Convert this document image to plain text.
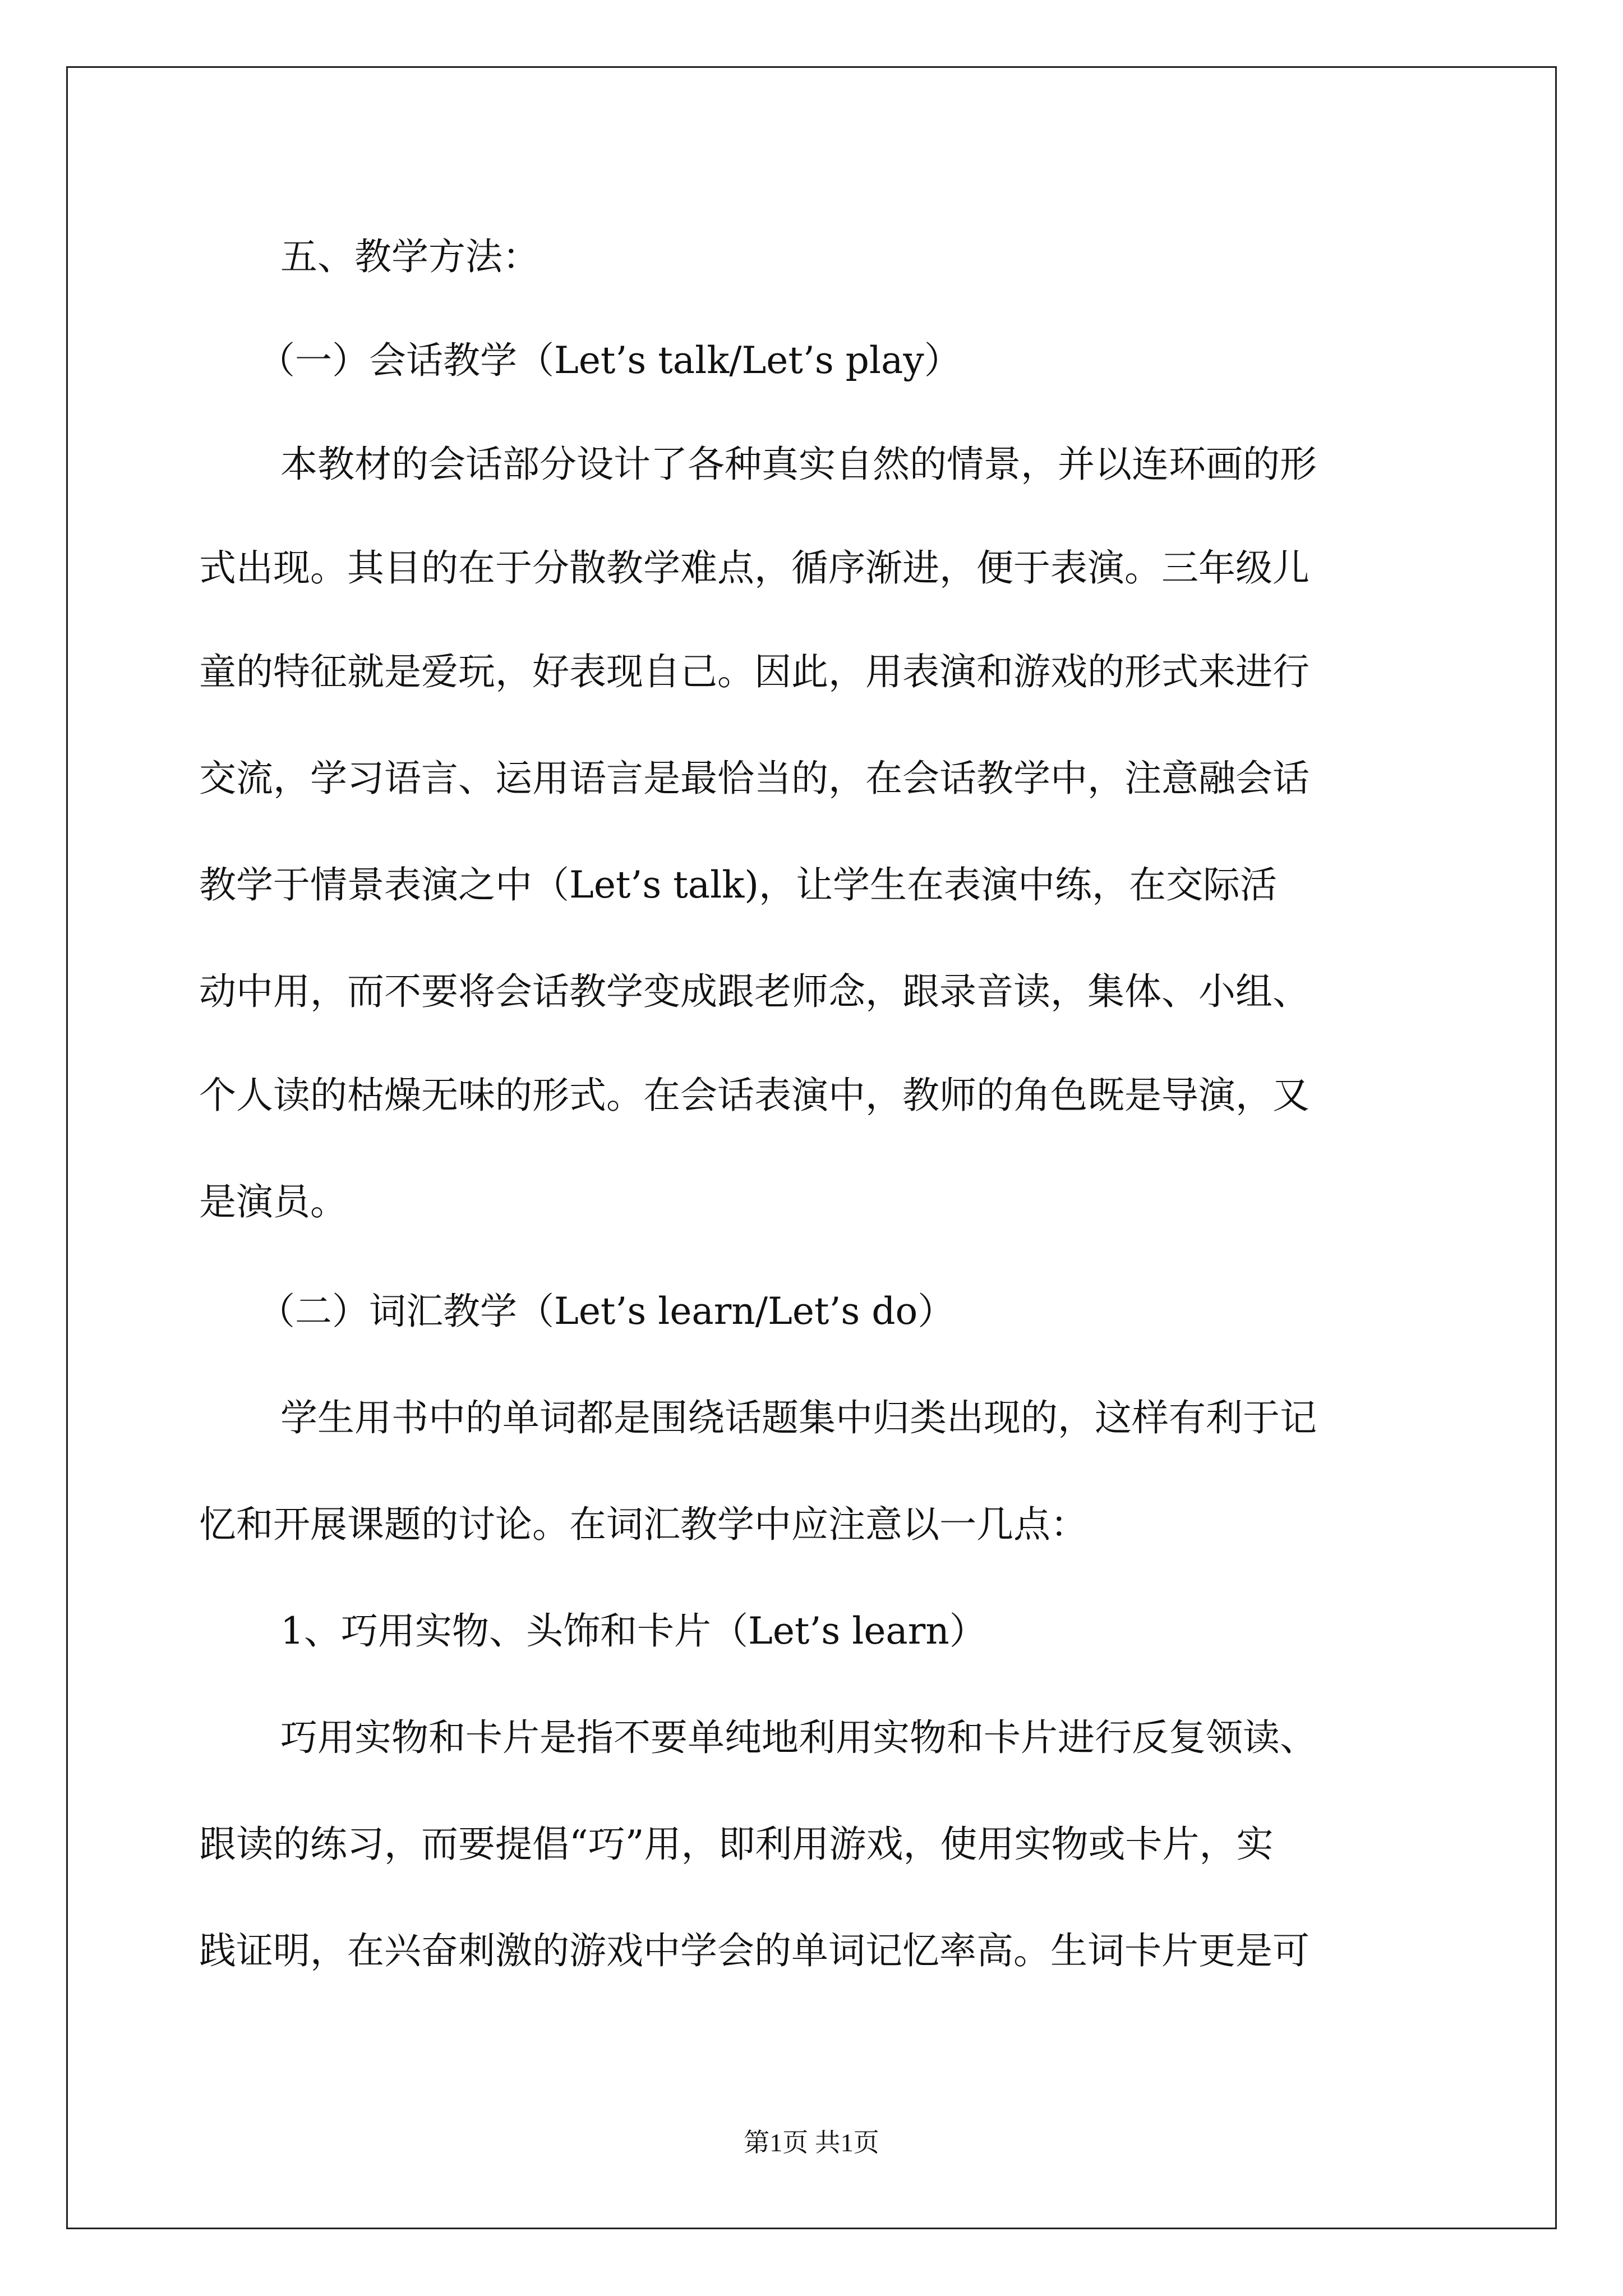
五、教学方法：
（一）会话教学（Let’s talk/Let’s play）
本教材的会话部分设计了各种真实自然的情景，并以连环画的形
式出现。其目的在于分散教学难点，循序渐进，便于表演。三年级儿
童的特征就是爱玩，好表现自己。因此，用表演和游戏的形式来进行
交流，学习语言、运用语言是最恰当的，在会话教学中，注意融会话
教学于情景表演之中（Let’s talk)，让学生在表演中练，在交际活
动中用，而不要将会话教学变成跟老师念，跟录音读，集体、小组、
个人读的枯燥无味的形式。在会话表演中，教师的角色既是导演，又
是演员。
（二）词汇教学（Let’s learn/Let’s do）
学生用书中的单词都是围绕话题集中归类出现的，这样有利于记
忆和开展课题的讨论。在词汇教学中应注意以一几点：
1、巧用实物、头饰和卡片（Let’s learn）
巧用实物和卡片是指不要单纯地利用实物和卡片进行反复领读、
跟读的练习，而要提倡“巧”用，即利用游戏，使用实物或卡片，实
践证明，在兴奋刺激的游戏中学会的单词记忆率高。生词卡片更是可
第1页 共1页
